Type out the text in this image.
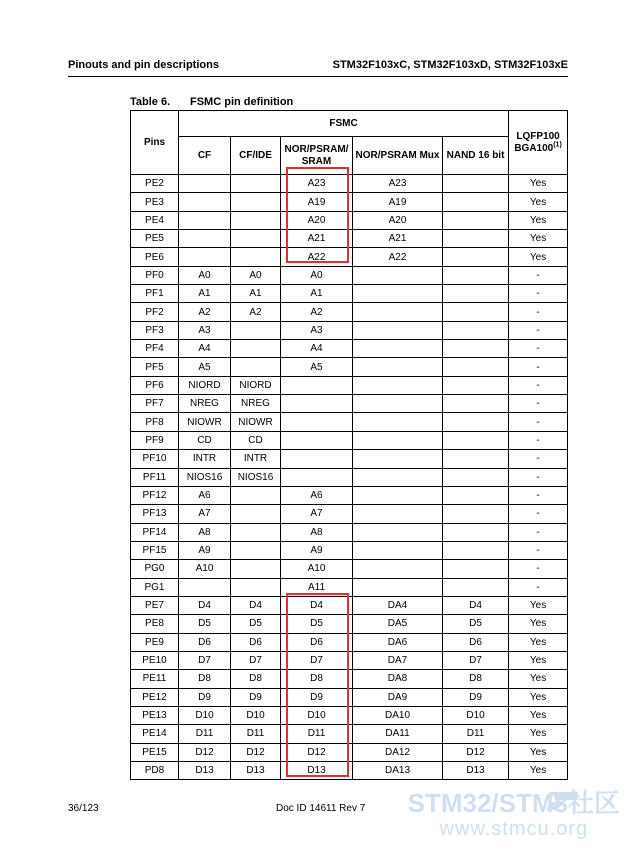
Pinouts and pin descriptions	STM32F103xC, STM32F103xD, STM32F103xE
Table 6. FSMC pin definition
Pins	FSMC					LQFP100
BGA100$^{(1)}$
	CF	CF/IDE	NOR/PSRAM/
SRAM	NOR/PSRAM Mux	NAND 16 bit	
PE2			A23	A23		Yes
PE3			A19	A19		Yes
PE4			A20	A20		Yes
PE5			A21	A21		Yes
PE6			A22	A22		Yes
PF0	A0	A0	A0			-
PF1	A1	A1	A1			-
PF2	A2	A2	A2			-
PF3	A3		A3			-
PF4	A4		A4			-
PF5	A5		A5			-
PF6	NIORD	NIORD				-
PF7	NREG	NREG				-
PF8	NIOWR	NIOWR				-
PF9	CD	CD				-
PF10	INTR	INTR				-
PF11	NIOS16	NIOS16				-
PF12	A6		A6			-
PF13	A7		A7			-
PF14	A8		A8			-
PF15	A9		A9			-
PG0	A10		A10			-
PG1			A11			-
PE7	D4	D4	D4	DA4	D4	Yes
PE8	D5	D5	D5	DA5	D5	Yes
PE9	D6	D6	D6	DA6	D6	Yes
PE10	D7	D7	D7	DA7	D7	Yes
PE11	D8	D8	D8	DA8	D8	Yes
PE12	D9	D9	D9	DA9	D9	Yes
PE13	D10	D10	D10	DA10	D10	Yes
PE14	D11	D11	D11	DA11	D11	Yes
PE15	D12	D12	D12	DA12	D12	Yes
PD8	D13	D13	D13	DA13	D13	Yes
36/123	Doc ID 14611 Rev 7 STM32/STM8社区
www.stmcu.org
